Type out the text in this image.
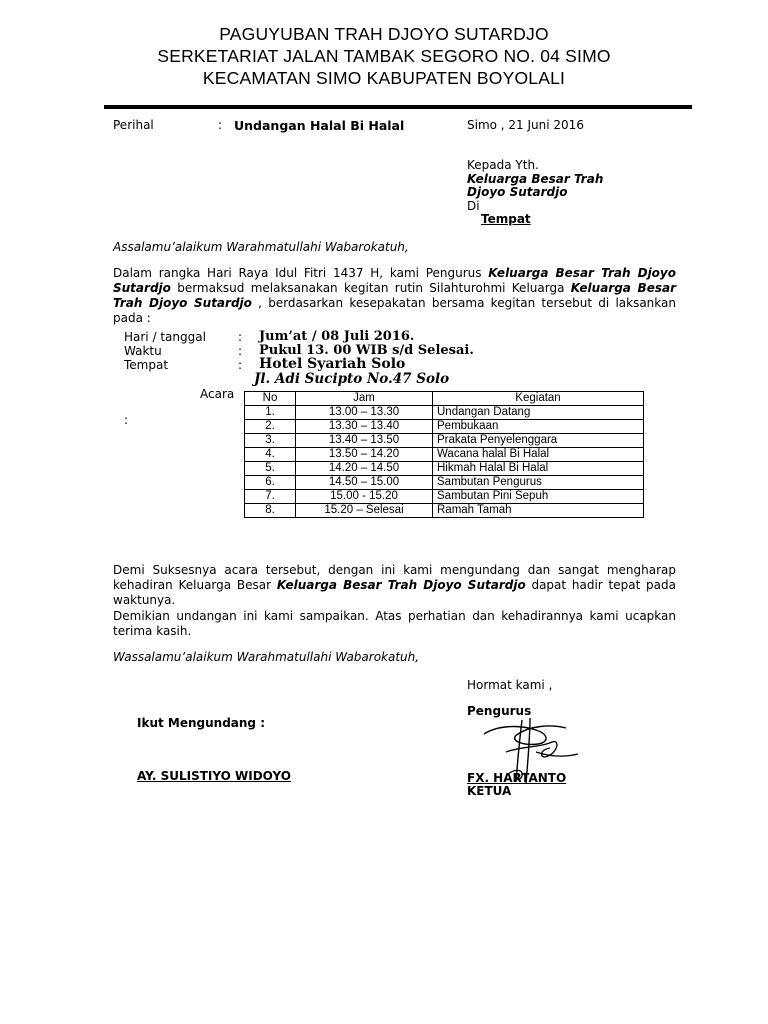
PAGUYUBAN TRAH DJOYO SUTARDJO
SERKETARIAT JALAN TAMBAK SEGORO NO. 04 SIMO
KECAMATAN SIMO KABUPATEN BOYOLALI
Perihal	: Undangan Halal Bi Halal	Simo , 21 Juni 2016
Kepada Yth.
Keluarga Besar Trah
Djoyo Sutardjo
Di
Tempat
Assalamu’alaikum Warahmatullahi Wabarokatuh,
Dalam rangka Hari Raya Idul Fitri 1437 H, kami Pengurus Keluarga Besar Trah Djoyo Sutardjo bermaksud melaksanakan kegitan rutin Silahturohmi Keluarga Keluarga Besar Trah Djoyo Sutardjo , berdasarkan kesepakatan bersama kegitan tersebut di laksankan pada :
Hari / tanggal	: Jum’at / 08 Juli 2016.
Waktu	: Pukul 13. 00 WIB s/d Selesai.
Tempat	: Hotel Syariah Solo
Jl. Adi Sucipto No.47 Solo
Acara
:
No	Jam	Kegiatan
1.	13.00 – 13.30	Undangan Datang
2.	13.30 – 13.40	Pembukaan
3.	13.40 – 13.50	Prakata Penyelenggara
4.	13.50 – 14.20	Wacana halal Bi Halal
5.	14.20 – 14.50	Hikmah Halal Bi Halal
6.	14.50 – 15.00	Sambutan Pengurus
7.	15.00 - 15.20	Sambutan Pini Sepuh
8.	15.20 – Selesai	Ramah Tamah
Demi Suksesnya acara tersebut, dengan ini kami mengundang dan sangat mengharap kehadiran Keluarga Besar Keluarga Besar Trah Djoyo Sutardjo dapat hadir tepat pada waktunya.
Demikian undangan ini kami sampaikan. Atas perhatian dan kehadirannya kami ucapkan terima kasih.
Wassalamu’alaikum Warahmatullahi Wabarokatuh,
Hormat kami ,
Pengurus
FX. HARTANTO
KETUA
Ikut Mengundang :
AY. SULISTIYO WIDOYO
